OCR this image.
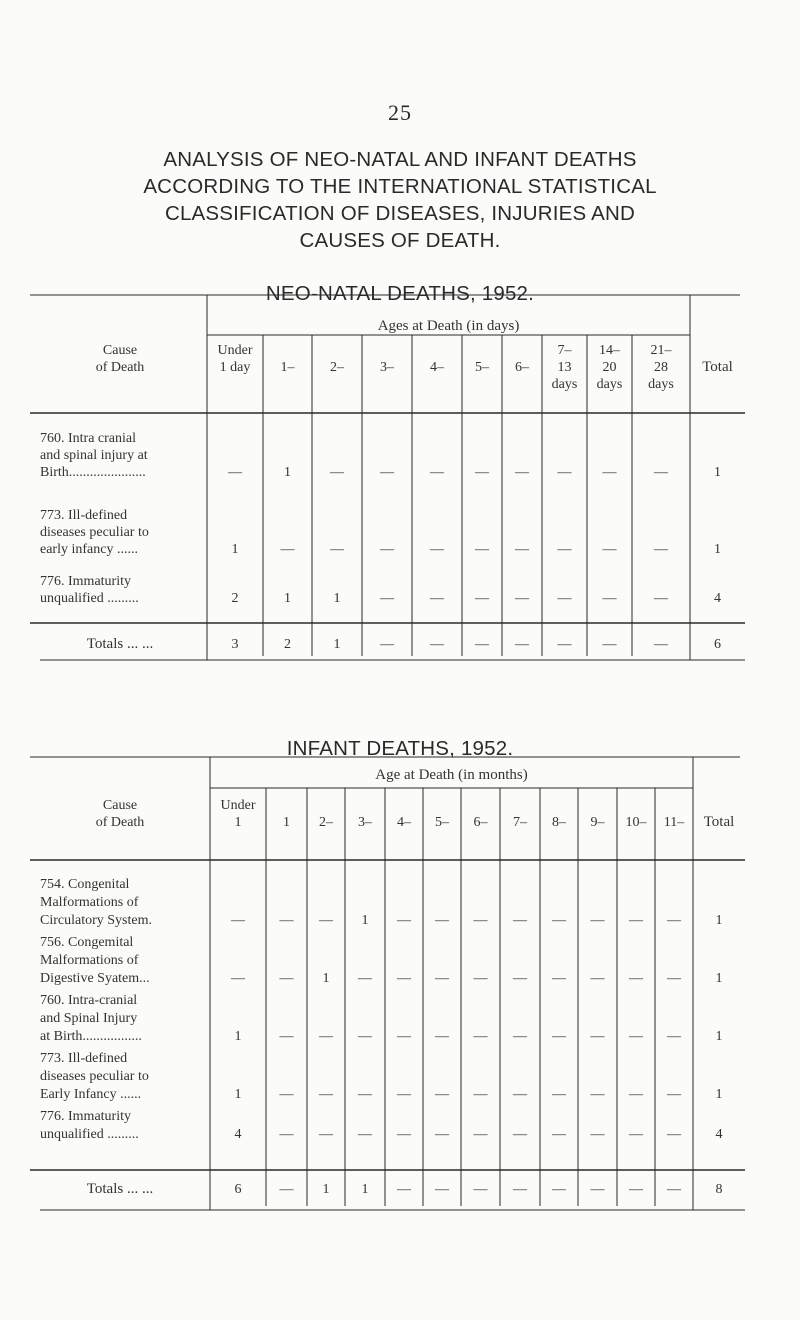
25
ANALYSIS OF NEO-NATAL AND INFANT DEATHS
ACCORDING TO THE INTERNATIONAL STATISTICAL
CLASSIFICATION OF DISEASES, INJURIES AND
CAUSES OF DEATH.
NEO-NATAL DEATHS, 1952.
INFANT DEATHS, 1952.
Ages at Death (in days)
Cause
of Death	Total
Under
1 day 1–	2–	3–	4– 5– 6–
7–
13
days
14–
20
days
21–
28
days
760. Intra cranial
and spinal injury at
Birth......................	—	1	—	—	— — — — —	—	1
773. Ill-defined
diseases peculiar to
early infancy ......	1	—	—	—	— — — — —	—	1
776. Immaturity
unqualified .........	2	1	1	—	— — — — —	—	4
Totals ... ...	3	2	1	—	— — — — —	—	6
Age at Death (in months)
Cause
of Death	Total
Under
1	1 2– 3– 4– 5– 6– 7– 8– 9– 10– 11–
754. Congenital
Malformations of
Circulatory System.	— — — 1 — — — — — — — — 1
756. Congemital
Malformations of
Digestive Syatem...	— — 1 — — — — — — — — — 1
760. Intra-cranial
and Spinal Injury
at Birth.................	1	— — — — — — — — — — — 1
773. Ill-defined
diseases peculiar to
Early Infancy ......	1	— — — — — — — — — — — 1
776. Immaturity
unqualified .........	4	— — — — — — — — — — — 4
Totals ... ...	6	— 1 1 — — — — — — — — 8
